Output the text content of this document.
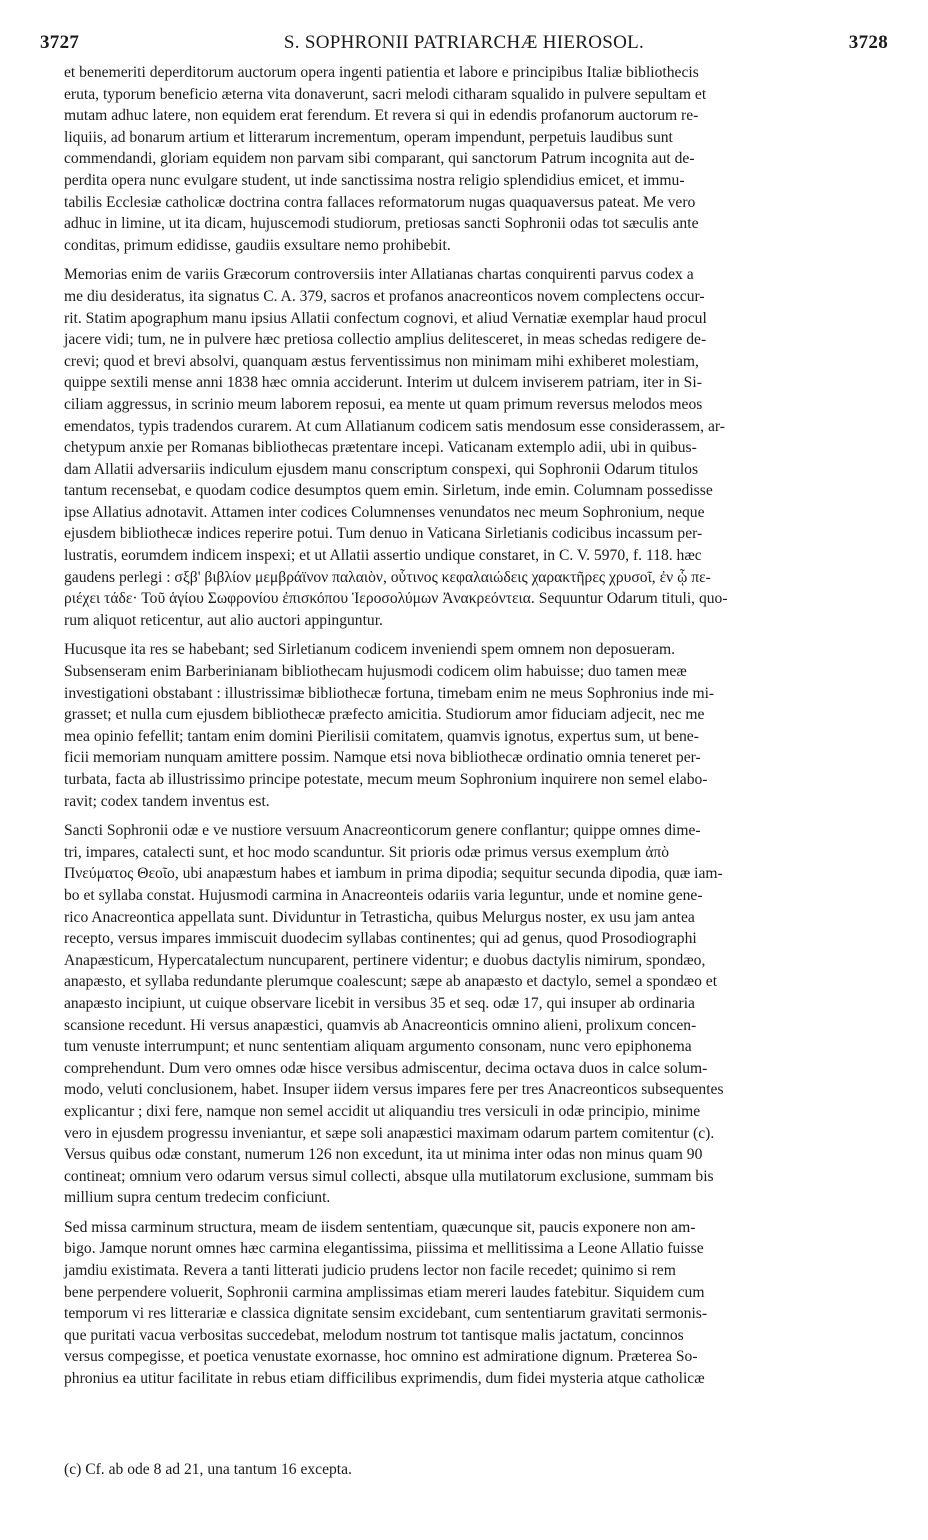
3727	S. SOPHRONII PATRIARCHÆ HIEROSOL.	3728
et benemeriti deperditorum auctorum opera ingenti patientia et labore e principibus Italiæ bibliothecis
eruta, typorum beneficio æterna vita donaverunt, sacri melodi citharam squalido in pulvere sepultam et
mutam adhuc latere, non equidem erat ferendum. Et revera si qui in edendis profanorum auctorum re-
liquiis, ad bonarum artium et litterarum incrementum, operam impendunt, perpetuis laudibus sunt
commendandi, gloriam equidem non parvam sibi comparant, qui sanctorum Patrum incognita aut de-
perdita opera nunc evulgare student, ut inde sanctissima nostra religio splendidius emicet, et immu-
tabilis Ecclesiæ catholicæ doctrina contra fallaces reformatorum nugas quaquaversus pateat. Me vero
adhuc in limine, ut ita dicam, hujuscemodi studiorum, pretiosas sancti Sophronii odas tot sæculis ante
conditas, primum edidisse, gaudiis exsultare nemo prohibebit.
Memorias enim de variis Græcorum controversiis inter Allatianas chartas conquirenti parvus codex a
me diu desideratus, ita signatus C. A. 379, sacros et profanos anacreonticos novem complectens occur-
rit. Statim apographum manu ipsius Allatii confectum cognovi, et aliud Vernatiæ exemplar haud procul
jacere vidi; tum, ne in pulvere hæc pretiosa collectio amplius delitesceret, in meas schedas redigere de-
crevi; quod et brevi absolvi, quanquam æstus ferventissimus non minimam mihi exhiberet molestiam,
quippe sextili mense anni 1838 hæc omnia acciderunt. Interim ut dulcem inviserem patriam, iter in Si-
ciliam aggressus, in scrinio meum laborem reposui, ea mente ut quam primum reversus melodos meos
emendatos, typis tradendos curarem. At cum Allatianum codicem satis mendosum esse considerassem, ar-
chetypum anxie per Romanas bibliothecas prætentare incepi. Vaticanam extemplo adii, ubi in quibus-
dam Allatii adversariis indiculum ejusdem manu conscriptum conspexi, qui Sophronii Odarum titulos
tantum recensebat, e quodam codice desumptos quem emin. Sirletum, inde emin. Columnam possedisse
ipse Allatius adnotavit. Attamen inter codices Columnenses venundatos nec meum Sophronium, neque
ejusdem bibliothecæ indices reperire potui. Tum denuo in Vaticana Sirletianis codicibus incassum per-
lustratis, eorumdem indicem inspexi; et ut Allatii assertio undique constaret, in C. V. 5970, f. 118. hæc
gaudens perlegi : σξβ' βιβλίον μεμβράϊνον παλαιὸν, οὗτινος κεφαλαιώδεις χαρακτῆρες χρυσοῖ, ἐν ᾧ πε-
ριέχει τάδε· Τοῦ ἁγίου Σωφρονίου ἐπισκόπου Ἱεροσολύμων Ἀνακρεόντεια. Sequuntur Odarum tituli, quo-
rum aliquot reticentur, aut alio auctori appinguntur.
Hucusque ita res se habebant; sed Sirletianum codicem inveniendi spem omnem non deposueram.
Subsenseram enim Barberinianam bibliothecam hujusmodi codicem olim habuisse; duo tamen meæ
investigationi obstabant : illustrissimæ bibliothecæ fortuna, timebam enim ne meus Sophronius inde mi-
grasset; et nulla cum ejusdem bibliothecæ præfecto amicitia. Studiorum amor fiduciam adjecit, nec me
mea opinio fefellit; tantam enim domini Pierilisii comitatem, quamvis ignotus, expertus sum, ut bene-
ficii memoriam nunquam amittere possim. Namque etsi nova bibliothecæ ordinatio omnia teneret per-
turbata, facta ab illustrissimo principe potestate, mecum meum Sophronium inquirere non semel elabo-
ravit; codex tandem inventus est.
Sancti Sophronii odæ e ve nustiore versuum Anacreonticorum genere conflantur; quippe omnes dime-
tri, impares, catalecti sunt, et hoc modo scanduntur. Sit prioris odæ primus versus exemplum ἀπὸ
Πνεύματος Θεοῖο, ubi anapæstum habes et iambum in prima dipodia; sequitur secunda dipodia, quæ iam-
bo et syllaba constat. Hujusmodi carmina in Anacreonteis odariis varia leguntur, unde et nomine gene-
rico Anacreontica appellata sunt. Dividuntur in Tetrasticha, quibus Melurgus noster, ex usu jam antea
recepto, versus impares immiscuit duodecim syllabas continentes; qui ad genus, quod Prosodiographi
Anapæsticum, Hypercatalectum nuncuparent, pertinere videntur; e duobus dactylis nimirum, spondæo,
anapæsto, et syllaba redundante plerumque coalescunt; sæpe ab anapæsto et dactylo, semel a spondæo et
anapæsto incipiunt, ut cuique observare licebit in versibus 35 et seq. odæ 17, qui insuper ab ordinaria
scansione recedunt. Hi versus anapæstici, quamvis ab Anacreonticis omnino alieni, prolixum concen-
tum venuste interrumpunt; et nunc sententiam aliquam argumento consonam, nunc vero epiphonema
comprehendunt. Dum vero omnes odæ hisce versibus admiscentur, decima octava duos in calce solum-
modo, veluti conclusionem, habet. Insuper iidem versus impares fere per tres Anacreonticos subsequentes
explicantur ; dixi fere, namque non semel accidit ut aliquandiu tres versiculi in odæ principio, minime
vero in ejusdem progressu inveniantur, et sæpe soli anapæstici maximam odarum partem comitentur (c).
Versus quibus odæ constant, numerum 126 non excedunt, ita ut minima inter odas non minus quam 90
contineat; omnium vero odarum versus simul collecti, absque ulla mutilatorum exclusione, summam bis
millium supra centum tredecim conficiunt.
Sed missa carminum structura, meam de iisdem sententiam, quæcunque sit, paucis exponere non am-
bigo. Jamque norunt omnes hæc carmina elegantissima, piissima et mellitissima a Leone Allatio fuisse
jamdiu existimata. Revera a tanti litterati judicio prudens lector non facile recedet; quinimo si rem
bene perpendere voluerit, Sophronii carmina amplissimas etiam mereri laudes fatebitur. Siquidem cum
temporum vi res litterariæ e classica dignitate sensim excidebant, cum sententiarum gravitati sermonis-
que puritati vacua verbositas succedebat, melodum nostrum tot tantisque malis jactatum, concinnos
versus compegisse, et poetica venustate exornasse, hoc omnino est admiratione dignum. Præterea So-
phronius ea utitur facilitate in rebus etiam difficilibus exprimendis, dum fidei mysteria atque catholicæ
(c) Cf. ab ode 8 ad 21, una tantum 16 excepta.
